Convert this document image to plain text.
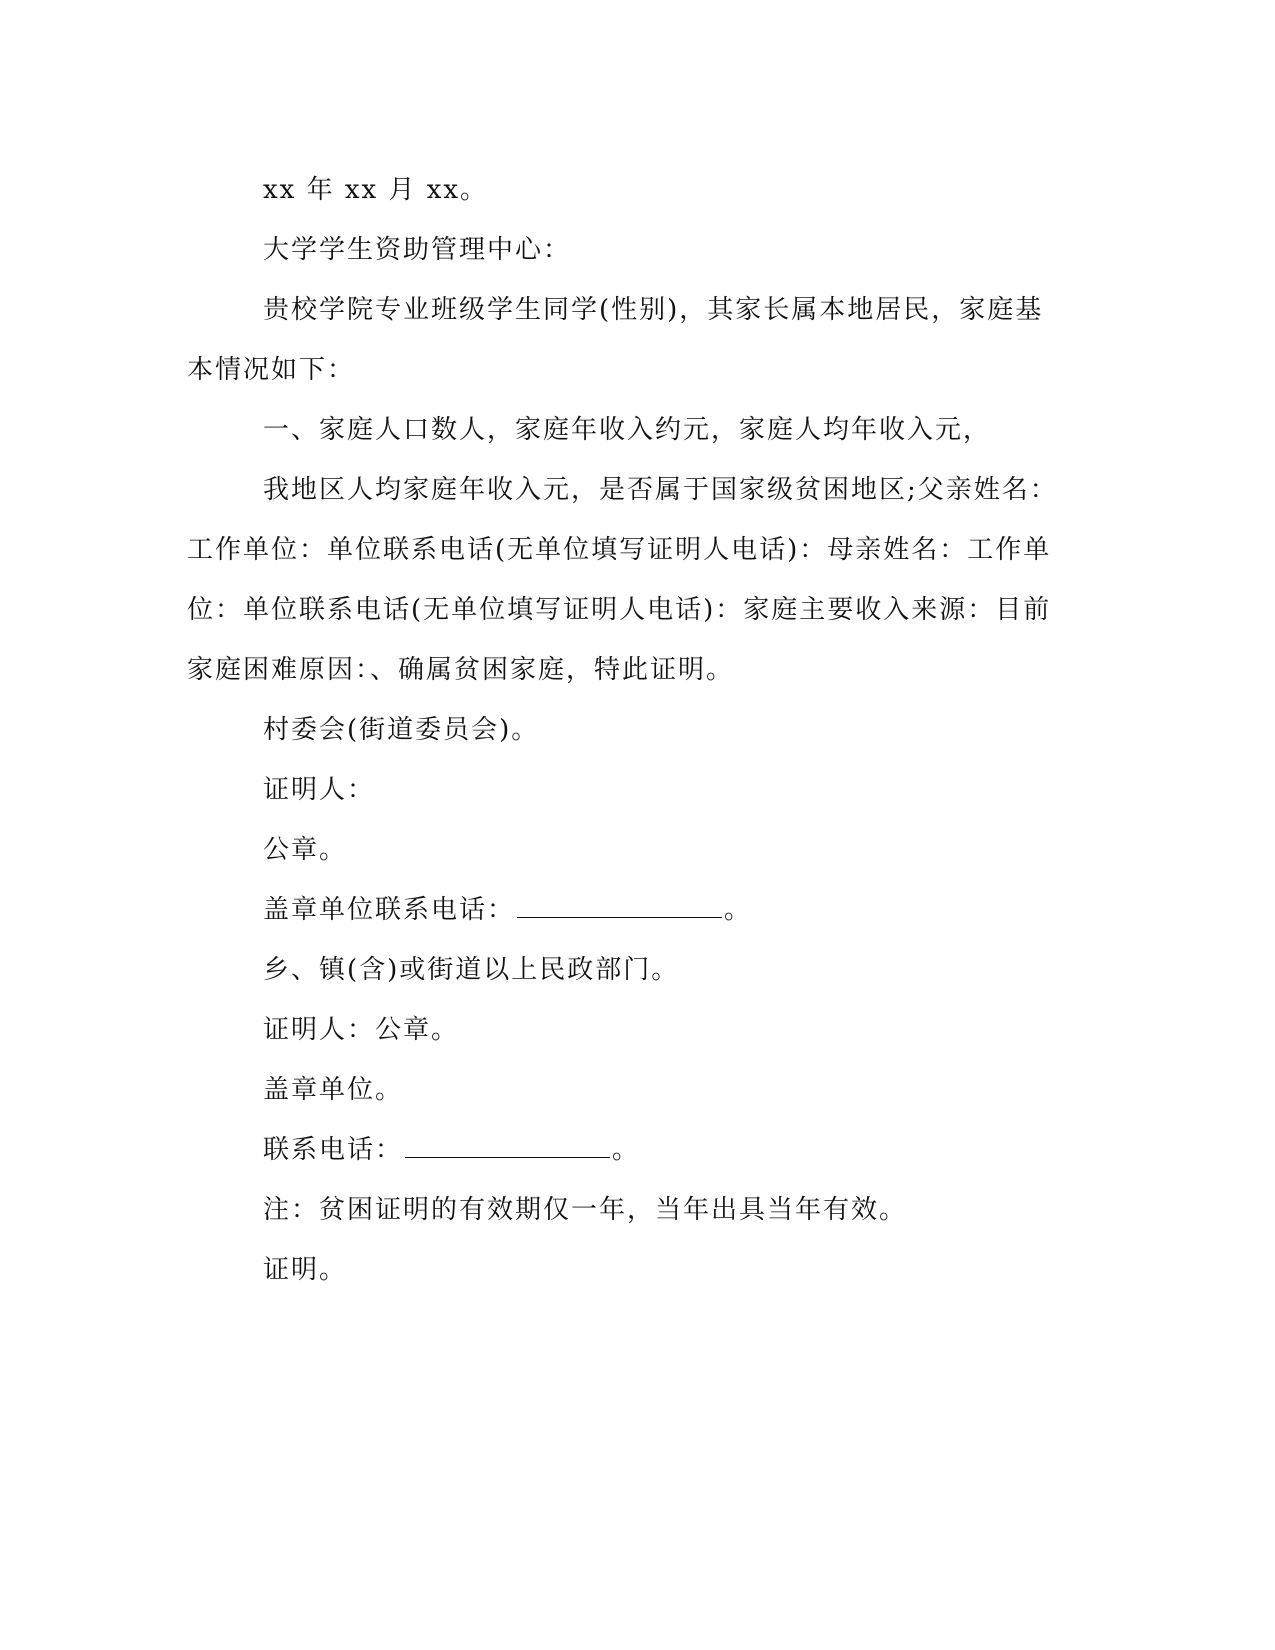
xx 年 xx 月 xx。

大学学生资助管理中心：

贵校学院专业班级学生同学(性别)，其家长属本地居民，家庭基本情况如下：

一、家庭人口数人，家庭年收入约元，家庭人均年收入元，

我地区人均家庭年收入元，是否属于国家级贫困地区;父亲姓名：工作单位：单位联系电话(无单位填写证明人电话)：母亲姓名：工作单位：单位联系电话(无单位填写证明人电话)：家庭主要收入来源：目前家庭困难原因：、确属贫困家庭，特此证明。

村委会(街道委员会)。

证明人：

公章。

盖章单位联系电话：	。

乡、镇(含)或街道以上民政部门。

证明人：公章。

盖章单位。

联系电话：	。

注：贫困证明的有效期仅一年，当年出具当年有效。

证明。
